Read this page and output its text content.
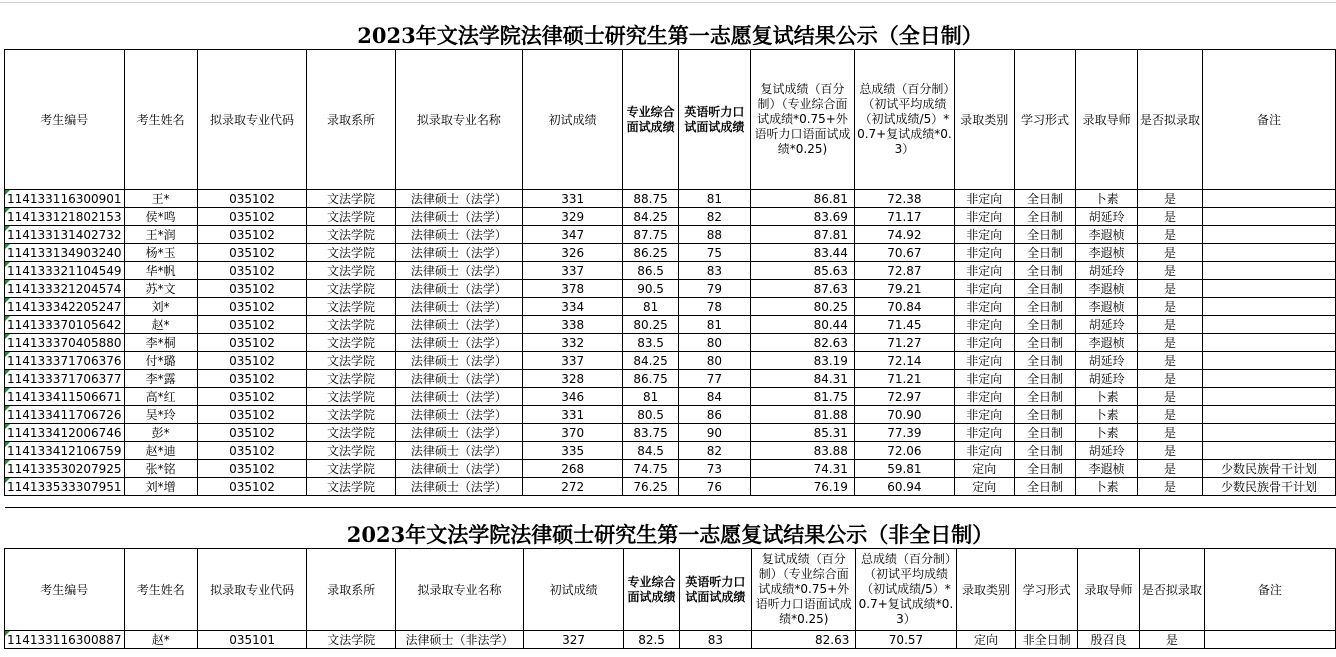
2023年文法学院法律硕士研究生第一志愿复试结果公示（全日制）														
考生编号	考生姓名	拟录取专业代码	录取系所	拟录取专业名称	初试成绩	专业综合面试成绩	英语听力口试面试成绩	复试成绩（百分制）（专业综合面试成绩*0.75+外语听力口语面试成绩*0.25)	总成绩（百分制）（初试平均成绩（初试成绩/5）*0.7+复试成绩*0.3）	录取类别	学习形式	录取导师	是否拟录取	备注
114133116300901	王*	035102	文法学院	法律硕士（法学）	331	88.75	81	86.81	72.38	非定向	全日制	卜素	是	
114133121802153	侯*鸣	035102	文法学院	法律硕士（法学）	329	84.25	82	83.69	71.17	非定向	全日制	胡延玲	是	
114133131402732	王*润	035102	文法学院	法律硕士（法学）	347	87.75	88	87.81	74.92	非定向	全日制	李遐桢	是	
114133134903240	杨*玉	035102	文法学院	法律硕士（法学）	326	86.25	75	83.44	70.67	非定向	全日制	李遐桢	是	
114133321104549	华*帆	035102	文法学院	法律硕士（法学）	337	86.5	83	85.63	72.87	非定向	全日制	胡延玲	是	
114133321204574	苏*文	035102	文法学院	法律硕士（法学）	378	90.5	79	87.63	79.21	非定向	全日制	李遐桢	是	
114133342205247	刘*	035102	文法学院	法律硕士（法学）	334	81	78	80.25	70.84	非定向	全日制	李遐桢	是	
114133370105642	赵*	035102	文法学院	法律硕士（法学）	338	80.25	81	80.44	71.45	非定向	全日制	胡延玲	是	
114133370405880	李*桐	035102	文法学院	法律硕士（法学）	332	83.5	80	82.63	71.27	非定向	全日制	李遐桢	是	
114133371706376	付*璐	035102	文法学院	法律硕士（法学）	337	84.25	80	83.19	72.14	非定向	全日制	胡延玲	是	
114133371706377	李*露	035102	文法学院	法律硕士（法学）	328	86.75	77	84.31	71.21	非定向	全日制	胡延玲	是	
114133411506671	高*红	035102	文法学院	法律硕士（法学）	346	81	84	81.75	72.97	非定向	全日制	卜素	是	
114133411706726	吴*玲	035102	文法学院	法律硕士（法学）	331	80.5	86	81.88	70.90	非定向	全日制	卜素	是	
114133412006746	彭*	035102	文法学院	法律硕士（法学）	370	83.75	90	85.31	77.39	非定向	全日制	卜素	是	
114133412106759	赵*迪	035102	文法学院	法律硕士（法学）	335	84.5	82	83.88	72.06	非定向	全日制	胡延玲	是	
114133530207925	张*铭	035102	文法学院	法律硕士（法学）	268	74.75	73	74.31	59.81	定向	全日制	李遐桢	是	少数民族骨干计划
114133533307951	刘*增	035102	文法学院	法律硕士（法学）	272	76.25	76	76.19	60.94	定向	全日制	卜素	是	少数民族骨干计划

2023年文法学院法律硕士研究生第一志愿复试结果公示（非全日制）														
考生编号	考生姓名	拟录取专业代码	录取系所	拟录取专业名称	初试成绩	专业综合面试成绩	英语听力口试面试成绩	复试成绩（百分制）（专业综合面试成绩*0.75+外语听力口语面试成绩*0.25)	总成绩（百分制）（初试平均成绩（初试成绩/5）*0.7+复试成绩*0.3）	录取类别	学习形式	录取导师	是否拟录取	备注
114133116300887	赵*	035101	文法学院	法律硕士（非法学）	327	82.5	83	82.63	70.57	定向	非全日制	殷召良	是	
